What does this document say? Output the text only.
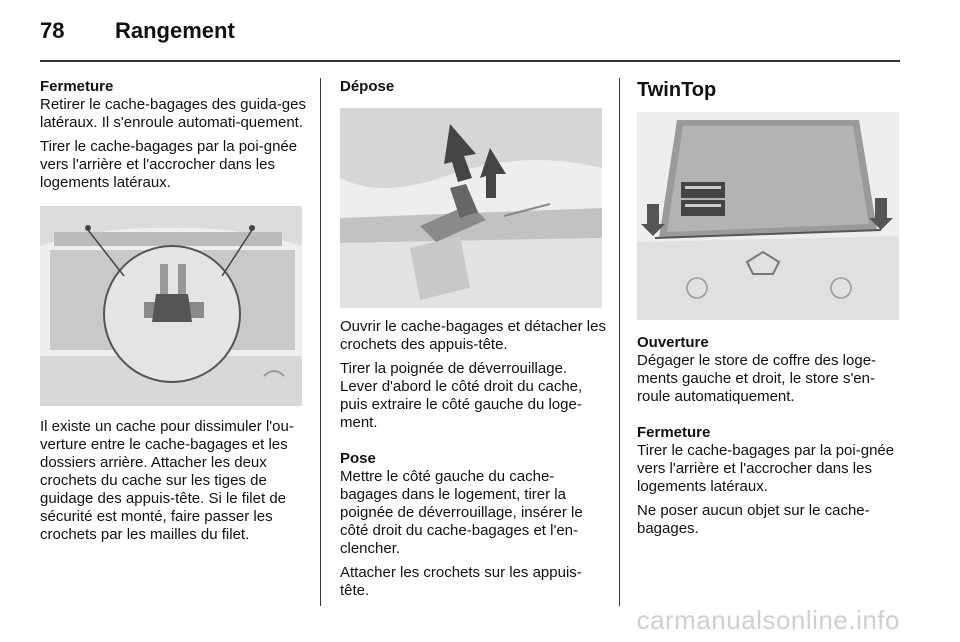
78 Rangement
Fermeture

Retirer le cache-bagages des guida-ges latéraux. Il s'enroule automati-quement.

Tirer le cache-bagages par la poi-gnée vers l'arrière et l'accrocher dans les logements latéraux.

Il existe un cache pour dissimuler l'ou-verture entre le cache-bagages et les dossiers arrière. Attacher les deux crochets du cache sur les tiges de guidage des appuis-tête. Si le filet de sécurité est monté, faire passer les crochets par les mailles du filet.

Dépose

Ouvrir le cache-bagages et détacher les crochets des appuis-tête.

Tirer la poignée de déverrouillage. Lever d'abord le côté droit du cache, puis extraire le côté gauche du loge-ment.

Pose

Mettre le côté gauche du cache-bagages dans le logement, tirer la poignée de déverrouillage, insérer le côté droit du cache-bagages et l'en-clencher.

Attacher les crochets sur les appuis-tête.

TwinTop
Ouverture

Dégager le store de coffre des loge-ments gauche et droit, le store s'en-roule automatiquement.

Fermeture

Tirer le cache-bagages par la poi-gnée vers l'arrière et l'accrocher dans les logements latéraux.

Ne poser aucun objet sur le cache-bagages.

carmanualsonline.info
